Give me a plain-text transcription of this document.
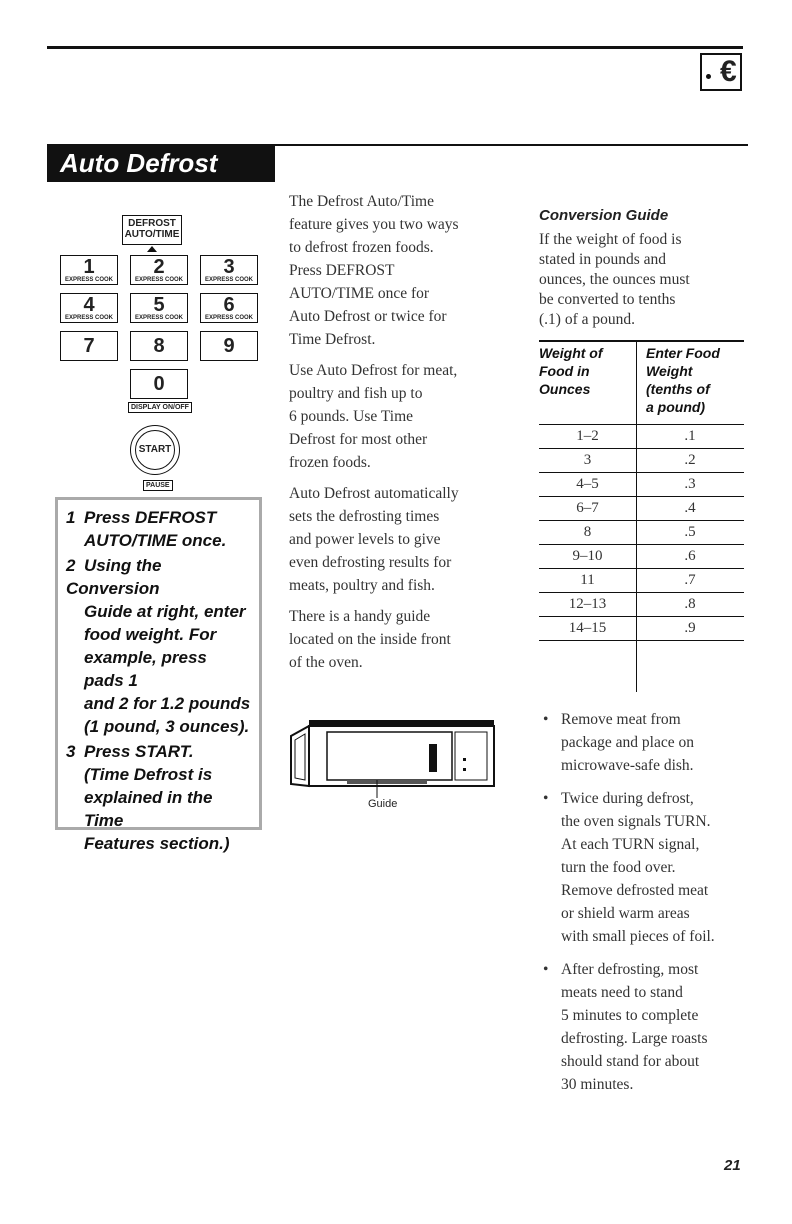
€
Auto Defrost
DEFROST
AUTO/TIME
1
EXPRESS COOK
2
EXPRESS COOK
3
EXPRESS COOK
4
EXPRESS COOK
5
EXPRESS COOK
6
EXPRESS COOK
7	8	9
0
DISPLAY ON/OFF
START
PAUSE

1 Press DEFROST
AUTO/TIME once.

2 Using the Conversion
Guide at right, enter
food weight. For
example, press pads 1
and 2 for 1.2 pounds
(1 pound, 3 ounces).

3 Press START.
(Time Defrost is
explained in the Time
Features section.)

The Defrost Auto/Time
feature gives you two ways
to defrost frozen foods.
Press DEFROST
AUTO/TIME once for
Auto Defrost or twice for
Time Defrost.

Use Auto Defrost for meat,
poultry and fish up to
6 pounds. Use Time
Defrost for most other
frozen foods.

Auto Defrost automatically
sets the defrosting times
and power levels to give
even defrosting results for
meats, poultry and fish.

There is a handy guide
located on the inside front
of the oven.

Guide
Conversion Guide

If the weight of food is
stated in pounds and
ounces, the ounces must
be converted to tenths
(.1) of a pound.

Weight of
Food in
Ounces	Enter Food
Weight
(tenths of
a pound)
1–2	.1
3	.2
4–5	.3
6–7	.4
8	.5
9–10	.6
11	.7
12–13	.8
14–15	.9

• Remove meat from
package and place on
microwave-safe dish.
• Twice during defrost,
the oven signals TURN.
At each TURN signal,
turn the food over.
Remove defrosted meat
or shield warm areas
with small pieces of foil.
• After defrosting, most
meats need to stand
5 minutes to complete
defrosting. Large roasts
should stand for about
30 minutes.
21
